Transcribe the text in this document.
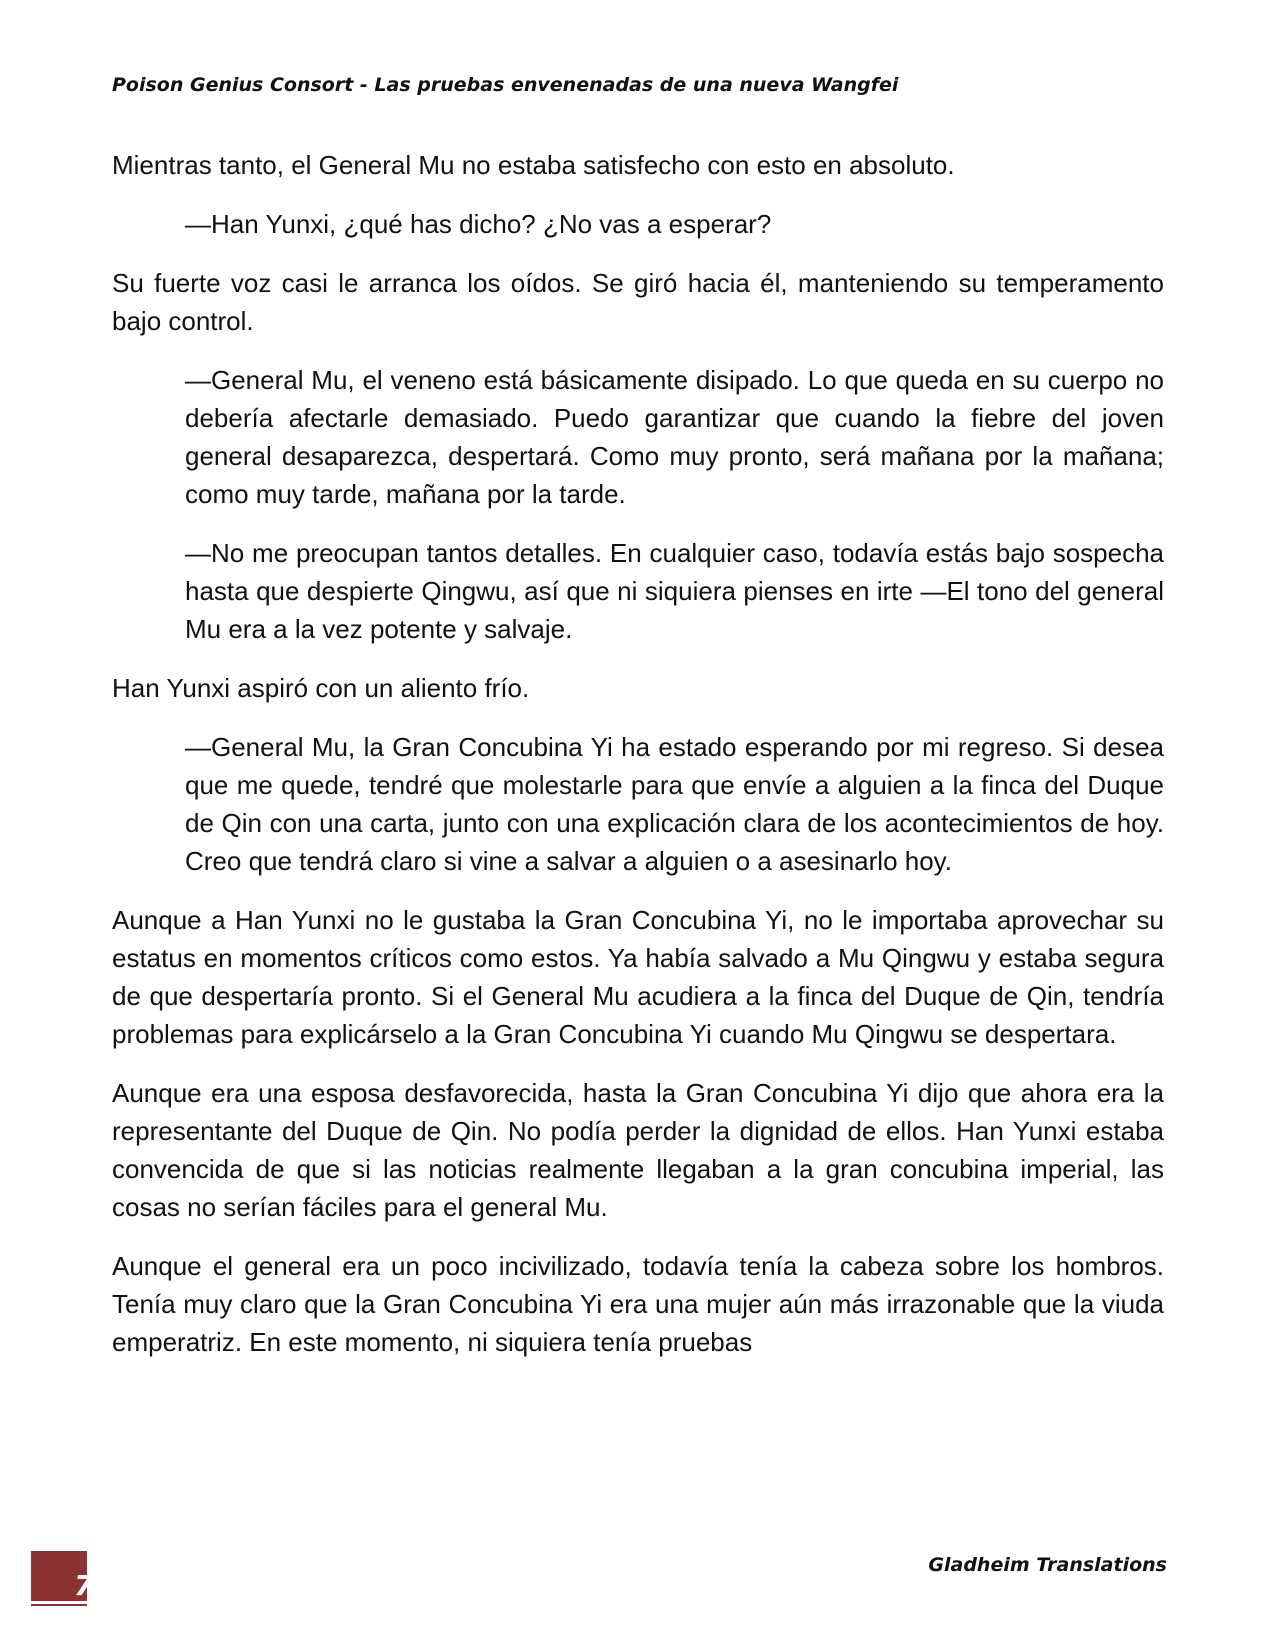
Poison Genius Consort - Las pruebas envenenadas de una nueva Wangfei

Mientras tanto, el General Mu no estaba satisfecho con esto en absoluto.

—Han Yunxi, ¿qué has dicho? ¿No vas a esperar?

Su fuerte voz casi le arranca los oídos. Se giró hacia él, manteniendo su temperamento bajo control.

—General Mu, el veneno está básicamente disipado. Lo que queda en su cuerpo no debería afectarle demasiado. Puedo garantizar que cuando la fiebre del joven general desaparezca, despertará. Como muy pronto, será mañana por la mañana; como muy tarde, mañana por la tarde.

—No me preocupan tantos detalles. En cualquier caso, todavía estás bajo sospecha hasta que despierte Qingwu, así que ni siquiera pienses en irte —El tono del general Mu era a la vez potente y salvaje.

Han Yunxi aspiró con un aliento frío.

—General Mu, la Gran Concubina Yi ha estado esperando por mi regreso. Si desea que me quede, tendré que molestarle para que envíe a alguien a la finca del Duque de Qin con una carta, junto con una explicación clara de los acontecimientos de hoy. Creo que tendrá claro si vine a salvar a alguien o a asesinarlo hoy.

Aunque a Han Yunxi no le gustaba la Gran Concubina Yi, no le importaba aprovechar su estatus en momentos críticos como estos. Ya había salvado a Mu Qingwu y estaba segura de que despertaría pronto. Si el General Mu acudiera a la finca del Duque de Qin, tendría problemas para explicárselo a la Gran Concubina Yi cuando Mu Qingwu se despertara.

Aunque era una esposa desfavorecida, hasta la Gran Concubina Yi dijo que ahora era la representante del Duque de Qin. No podía perder la dignidad de ellos. Han Yunxi estaba convencida de que si las noticias realmente llegaban a la gran concubina imperial, las cosas no serían fáciles para el general Mu.

Aunque el general era un poco incivilizado, todavía tenía la cabeza sobre los hombros. Tenía muy claro que la Gran Concubina Yi era una mujer aún más irrazonable que la viuda emperatriz. En este momento, ni siquiera tenía pruebas

7
Gladheim Translations
